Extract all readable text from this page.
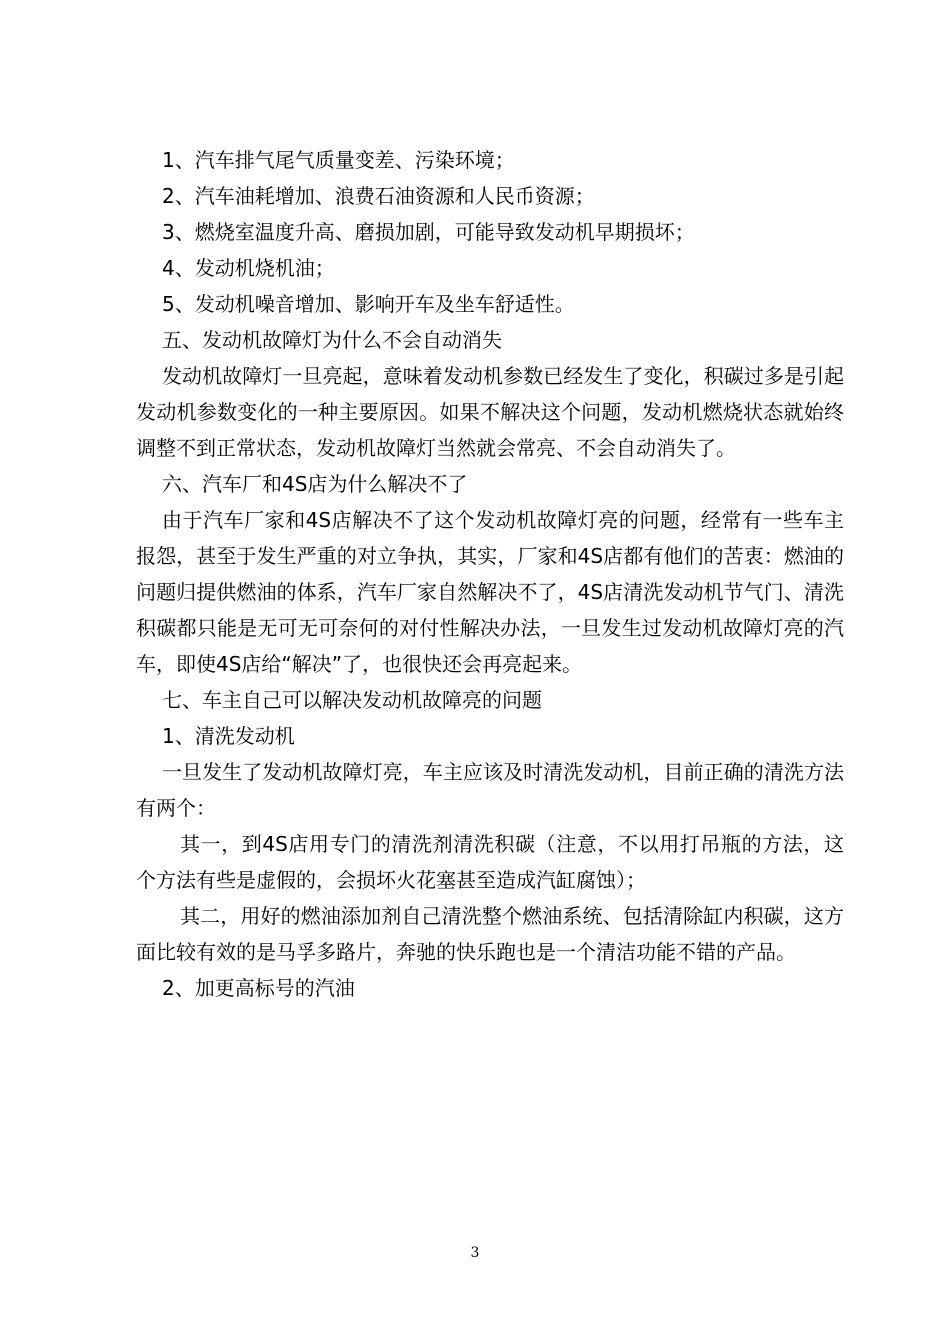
1、汽车排气尾气质量变差、污染环境；

2、汽车油耗增加、浪费石油资源和人民币资源；

3、燃烧室温度升高、磨损加剧，可能导致发动机早期损坏；

4、发动机烧机油；

5、发动机噪音增加、影响开车及坐车舒适性。

五、发动机故障灯为什么不会自动消失

发动机故障灯一旦亮起，意味着发动机参数已经发生了变化，积碳过多是引起发动机参数变化的一种主要原因。如果不解决这个问题，发动机燃烧状态就始终调整不到正常状态，发动机故障灯当然就会常亮、不会自动消失了。

六、汽车厂和4S店为什么解决不了

由于汽车厂家和4S店解决不了这个发动机故障灯亮的问题，经常有一些车主报怨，甚至于发生严重的对立争执，其实，厂家和4S店都有他们的苦衷：燃油的问题归提供燃油的体系，汽车厂家自然解决不了，4S店清洗发动机节气门、清洗积碳都只能是无可无可奈何的对付性解决办法，一旦发生过发动机故障灯亮的汽车，即使4S店给“解决”了，也很快还会再亮起来。

七、车主自己可以解决发动机故障亮的问题

1、清洗发动机

一旦发生了发动机故障灯亮，车主应该及时清洗发动机，目前正确的清洗方法有两个：

其一，到4S店用专门的清洗剂清洗积碳（注意，不以用打吊瓶的方法，这个方法有些是虚假的，会损坏火花塞甚至造成汽缸腐蚀）；

其二，用好的燃油添加剂自己清洗整个燃油系统、包括清除缸内积碳，这方面比较有效的是马孚多路片，奔驰的快乐跑也是一个清洁功能不错的产品。

2、加更高标号的汽油

3
